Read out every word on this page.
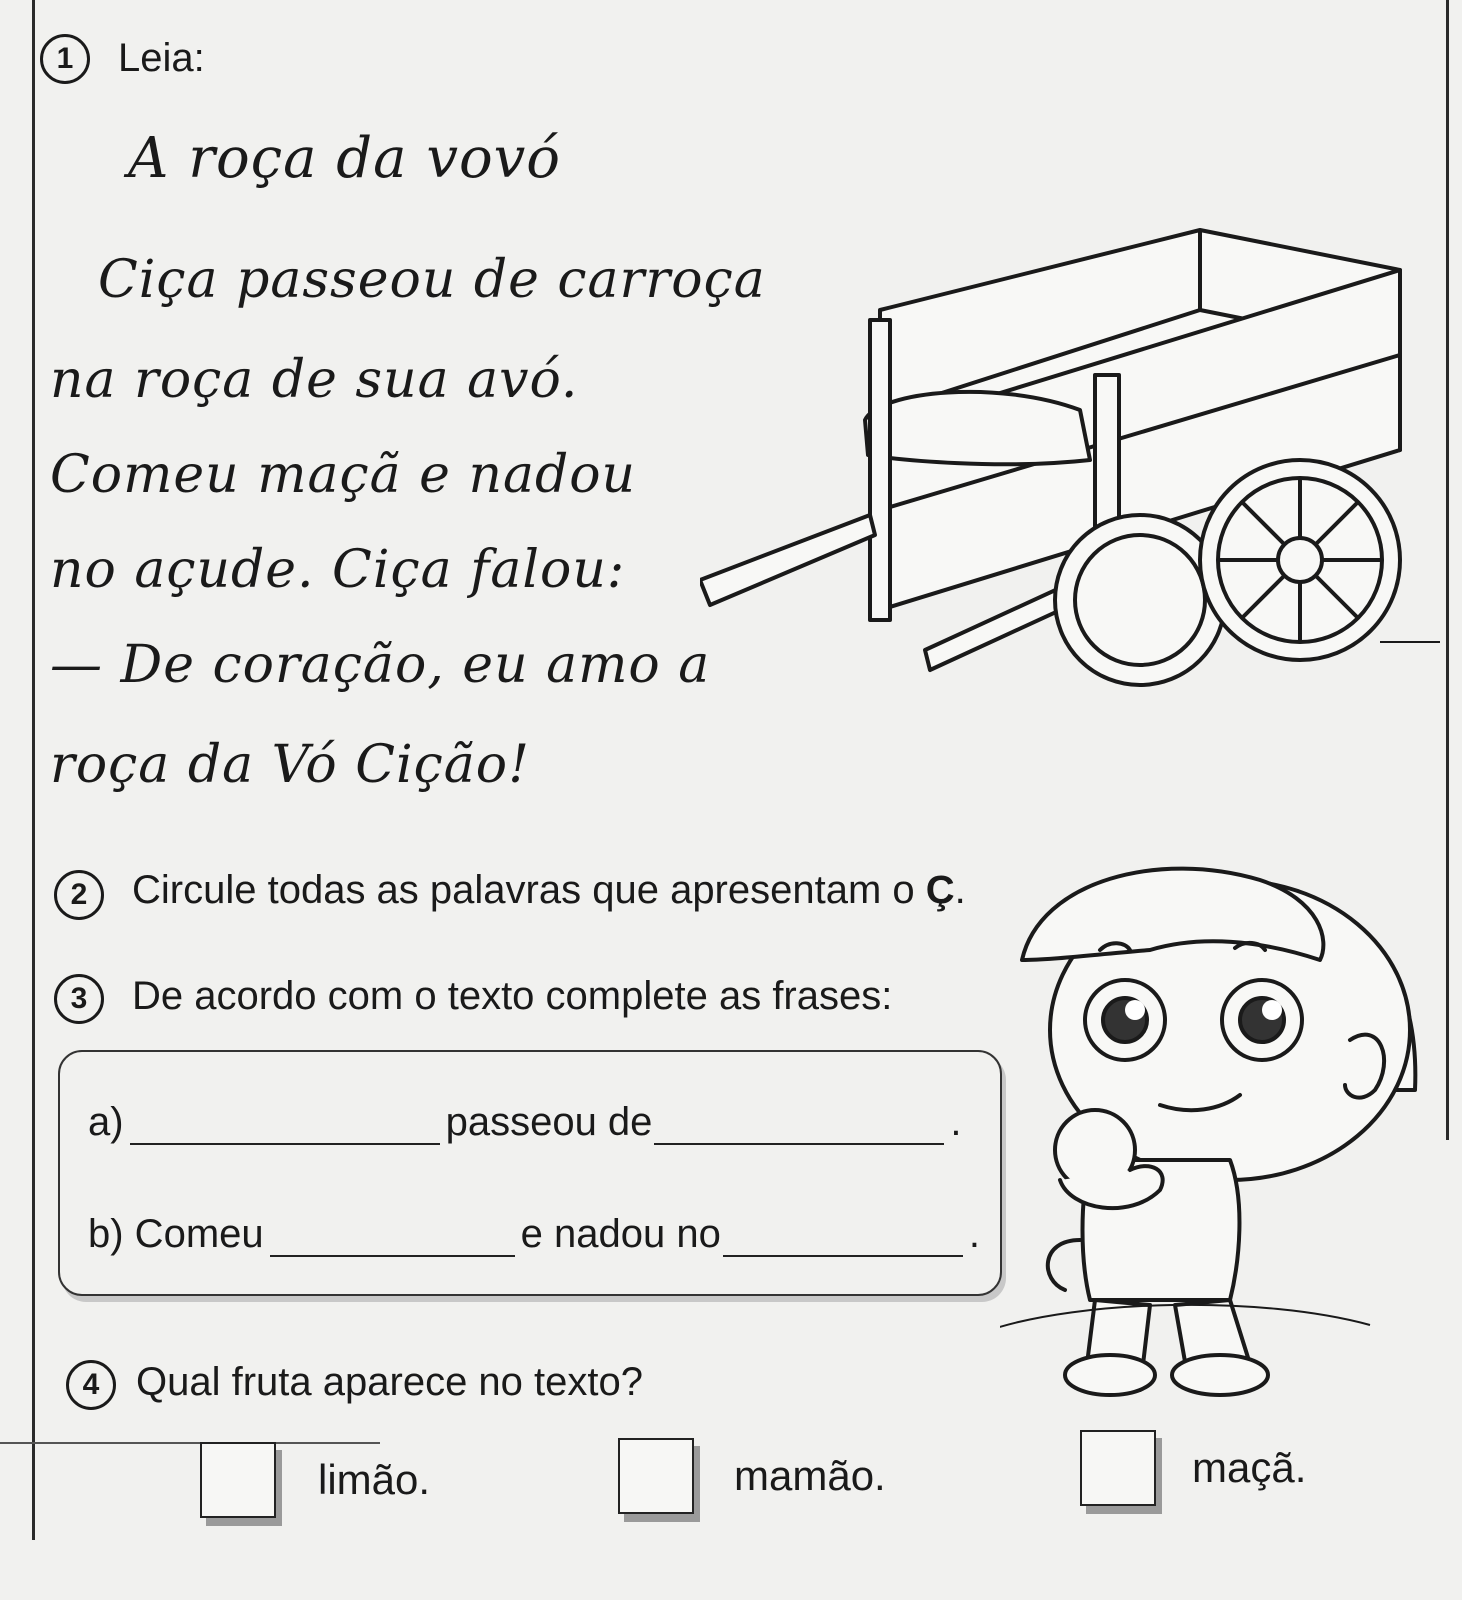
1	Leia:
A roça da vovó
Ciça passeou de carroça
na roça de sua avó.
Comeu maçã e nadou
no açude. Ciça falou:
— De coração, eu amo a
roça da Vó Cição!
2	Circule todas as palavras que apresentam o Ç.
3	De acordo com o texto complete as frases:
a)	passeou de	.
b) Comeu	e nadou no	.
4 Qual fruta aparece no texto?
limão.	mamão.	maçã.
